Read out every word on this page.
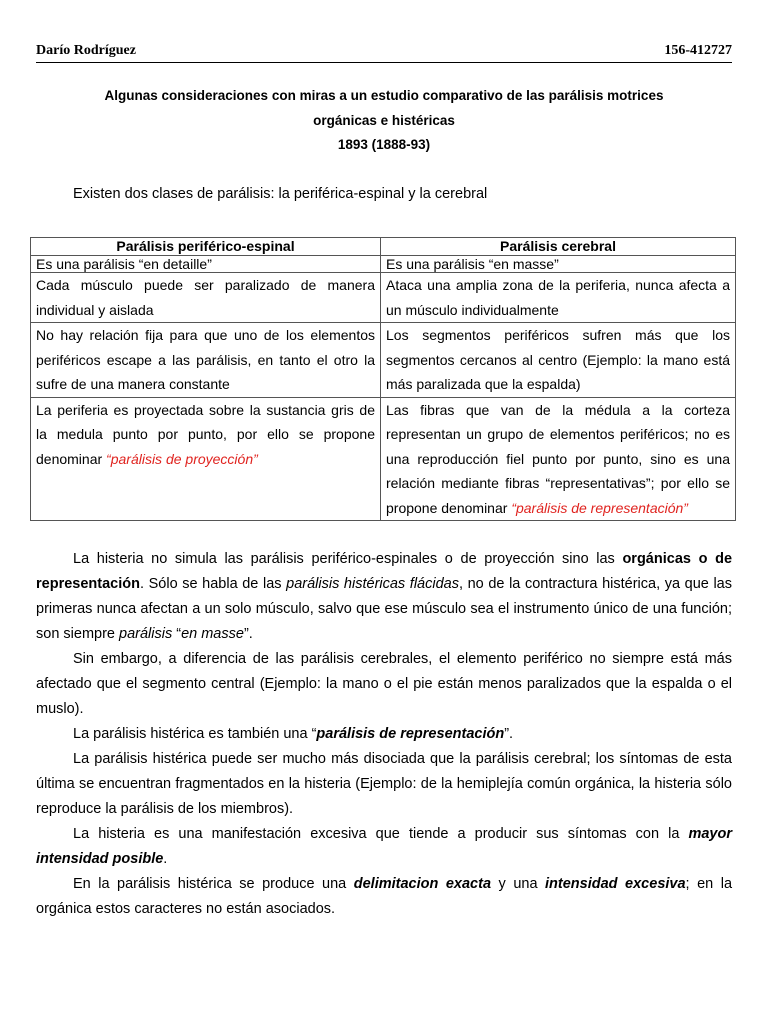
Darío Rodríguez	156-412727
Algunas consideraciones con miras a un estudio comparativo de las parálisis motrices
orgánicas e histéricas
1893 (1888-93)
Existen dos clases de parálisis: la periférica-espinal y la cerebral
Parálisis periférico-espinal	Parálisis cerebral
Es una parálisis “en detaille”	Es una parálisis “en masse”
Cada músculo puede ser paralizado de manera individual y aislada	Ataca una amplia zona de la periferia, nunca afecta a un músculo individualmente
No hay relación fija para que uno de los elementos periféricos escape a las parálisis, en tanto el otro la sufre de una manera constante	Los segmentos periféricos sufren más que los segmentos cercanos al centro (Ejemplo: la mano está más paralizada que la espalda)
La periferia es proyectada sobre la sustancia gris de la medula punto por punto, por ello se propone denominar “parálisis de proyección”	Las fibras que van de la médula a la corteza representan un grupo de elementos periféricos; no es una reproducción fiel punto por punto, sino es una relación mediante fibras “representativas”; por ello se propone denominar “parálisis de representación”

La histeria no simula las parálisis periférico-espinales o de proyección sino las orgánicas o de representación. Sólo se habla de las parálisis histéricas flácidas, no de la contractura histérica, ya que las primeras nunca afectan a un solo músculo, salvo que ese músculo sea el instrumento único de una función; son siempre parálisis “en masse”.

Sin embargo, a diferencia de las parálisis cerebrales, el elemento periférico no siempre está más afectado que el segmento central (Ejemplo: la mano o el pie están menos paralizados que la espalda o el muslo).

La parálisis histérica es también una “parálisis de representación”.

La parálisis histérica puede ser mucho más disociada que la parálisis cerebral; los síntomas de esta última se encuentran fragmentados en la histeria (Ejemplo: de la hemiplejía común orgánica, la histeria sólo reproduce la parálisis de los miembros).

La histeria es una manifestación excesiva que tiende a producir sus síntomas con la mayor intensidad posible.

En la parálisis histérica se produce una delimitacion exacta y una intensidad excesiva; en la orgánica estos caracteres no están asociados.
